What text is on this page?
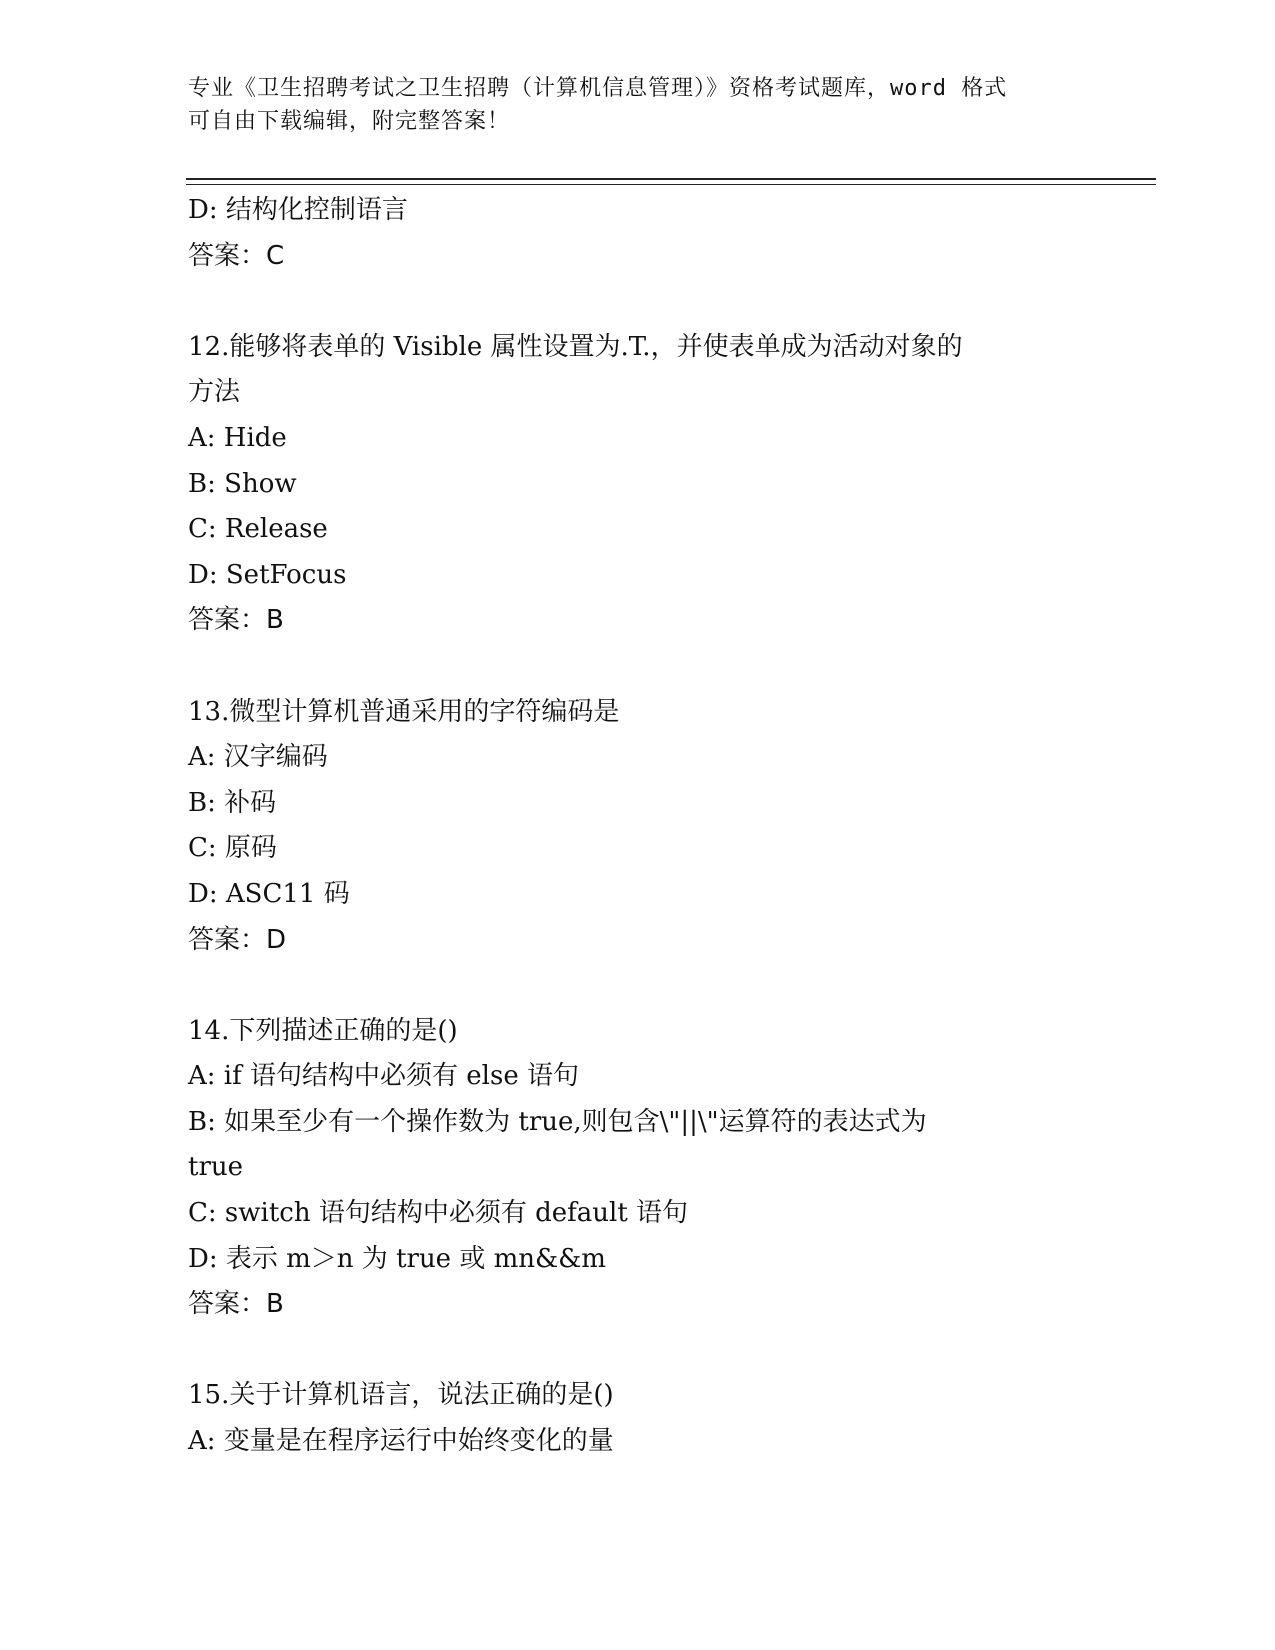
专业《卫生招聘考试之卫生招聘（计算机信息管理）》资格考试题库，word 格式
可自由下载编辑，附完整答案！
D: 结构化控制语言
答案：C
12.能够将表单的 Visible 属性设置为.T.，并使表单成为活动对象的
方法
A: Hide
B: Show
C: Release
D: SetFocus
答案：B
13.微型计算机普通采用的字符编码是
A: 汉字编码
B: 补码
C: 原码
D: ASC11 码
答案：D
14.下列描述正确的是()
A: if 语句结构中必须有 else 语句
B: 如果至少有一个操作数为 true,则包含\"||\"运算符的表达式为
true
C: switch 语句结构中必须有 default 语句
D: 表示 m＞n 为 true 或 mn&&m
答案：B
15.关于计算机语言，说法正确的是()
A: 变量是在程序运行中始终变化的量
